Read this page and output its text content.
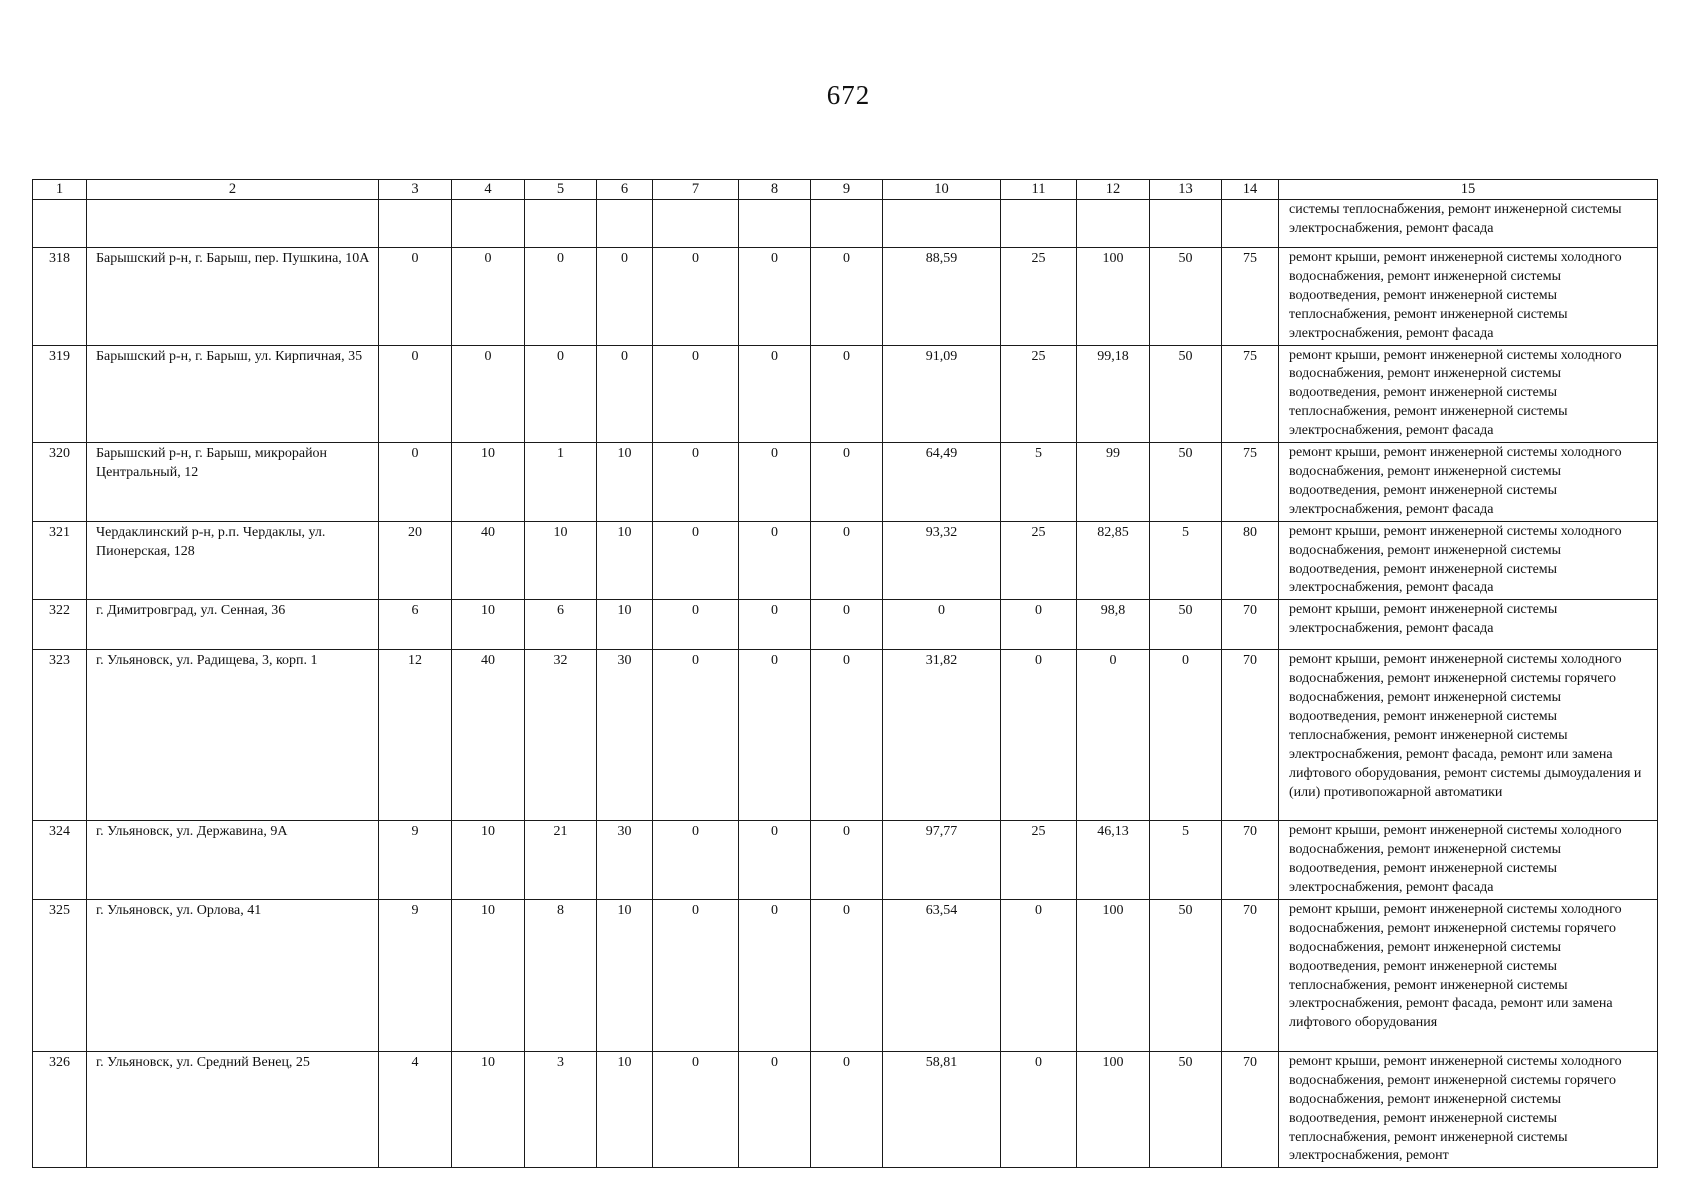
672
1	2	3	4	5	6	7	8	9	10	11	12	13	14	15
														системы теплоснабжения, ремонт инженерной системы электроснабжения, ремонт фасада
318	Барышский р-н, г. Барыш, пер. Пушкина, 10А	0	0	0	0	0	0	0	88,59	25	100	50	75	ремонт крыши, ремонт инженерной системы холодного водоснабжения, ремонт инженерной системы водоотведения, ремонт инженерной системы теплоснабжения, ремонт инженерной системы электроснабжения, ремонт фасада
319	Барышский р-н, г. Барыш, ул. Кирпичная, 35	0	0	0	0	0	0	0	91,09	25	99,18	50	75	ремонт крыши, ремонт инженерной системы холодного водоснабжения, ремонт инженерной системы водоотведения, ремонт инженерной системы теплоснабжения, ремонт инженерной системы электроснабжения, ремонт фасада
320	Барышский р-н, г. Барыш, микрорайон Центральный, 12	0	10	1	10	0	0	0	64,49	5	99	50	75	ремонт крыши, ремонт инженерной системы холодного водоснабжения, ремонт инженерной системы водоотведения, ремонт инженерной системы электроснабжения, ремонт фасада
321	Чердаклинский р-н, р.п. Чердаклы, ул. Пионерская, 128	20	40	10	10	0	0	0	93,32	25	82,85	5	80	ремонт крыши, ремонт инженерной системы холодного водоснабжения, ремонт инженерной системы водоотведения, ремонт инженерной системы электроснабжения, ремонт фасада
322	г. Димитровград, ул. Сенная, 36	6	10	6	10	0	0	0	0	0	98,8	50	70	ремонт крыши, ремонт инженерной системы электроснабжения, ремонт фасада
323	г. Ульяновск, ул. Радищева, 3, корп. 1	12	40	32	30	0	0	0	31,82	0	0	0	70	ремонт крыши, ремонт инженерной системы холодного водоснабжения, ремонт инженерной системы горячего водоснабжения, ремонт инженерной системы водоотведения, ремонт инженерной системы теплоснабжения, ремонт инженерной системы электроснабжения, ремонт фасада, ремонт или замена лифтового оборудования, ремонт системы дымоудаления и (или) противопожарной автоматики
324	г. Ульяновск, ул. Державина, 9А	9	10	21	30	0	0	0	97,77	25	46,13	5	70	ремонт крыши, ремонт инженерной системы холодного водоснабжения, ремонт инженерной системы водоотведения, ремонт инженерной системы электроснабжения, ремонт фасада
325	г. Ульяновск, ул. Орлова, 41	9	10	8	10	0	0	0	63,54	0	100	50	70	ремонт крыши, ремонт инженерной системы холодного водоснабжения, ремонт инженерной системы горячего водоснабжения, ремонт инженерной системы водоотведения, ремонт инженерной системы теплоснабжения, ремонт инженерной системы электроснабжения, ремонт фасада, ремонт или замена лифтового оборудования
326	г. Ульяновск, ул. Средний Венец, 25	4	10	3	10	0	0	0	58,81	0	100	50	70	ремонт крыши, ремонт инженерной системы холодного водоснабжения, ремонт инженерной системы горячего водоснабжения, ремонт инженерной системы водоотведения, ремонт инженерной системы теплоснабжения, ремонт инженерной системы электроснабжения, ремонт
